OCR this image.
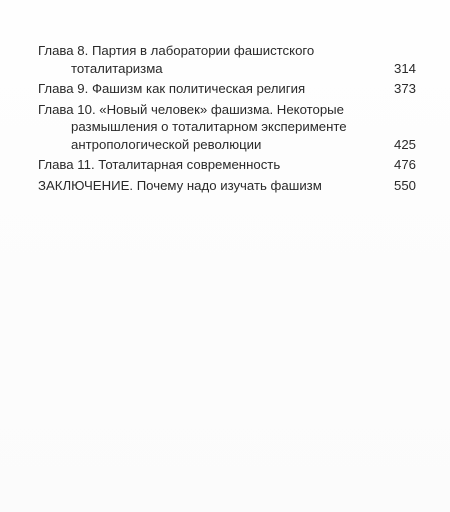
Глава 8. Партия в лаборатории фашистского
тоталитаризма	314
Глава 9. Фашизм как политическая религия	373
Глава 10. «Новый человек» фашизма. Некоторые
размышления о тоталитарном эксперименте
антропологической революции	425
Глава 11. Тоталитарная современность	476
ЗАКЛЮЧЕНИЕ. Почему надо изучать фашизм	550
